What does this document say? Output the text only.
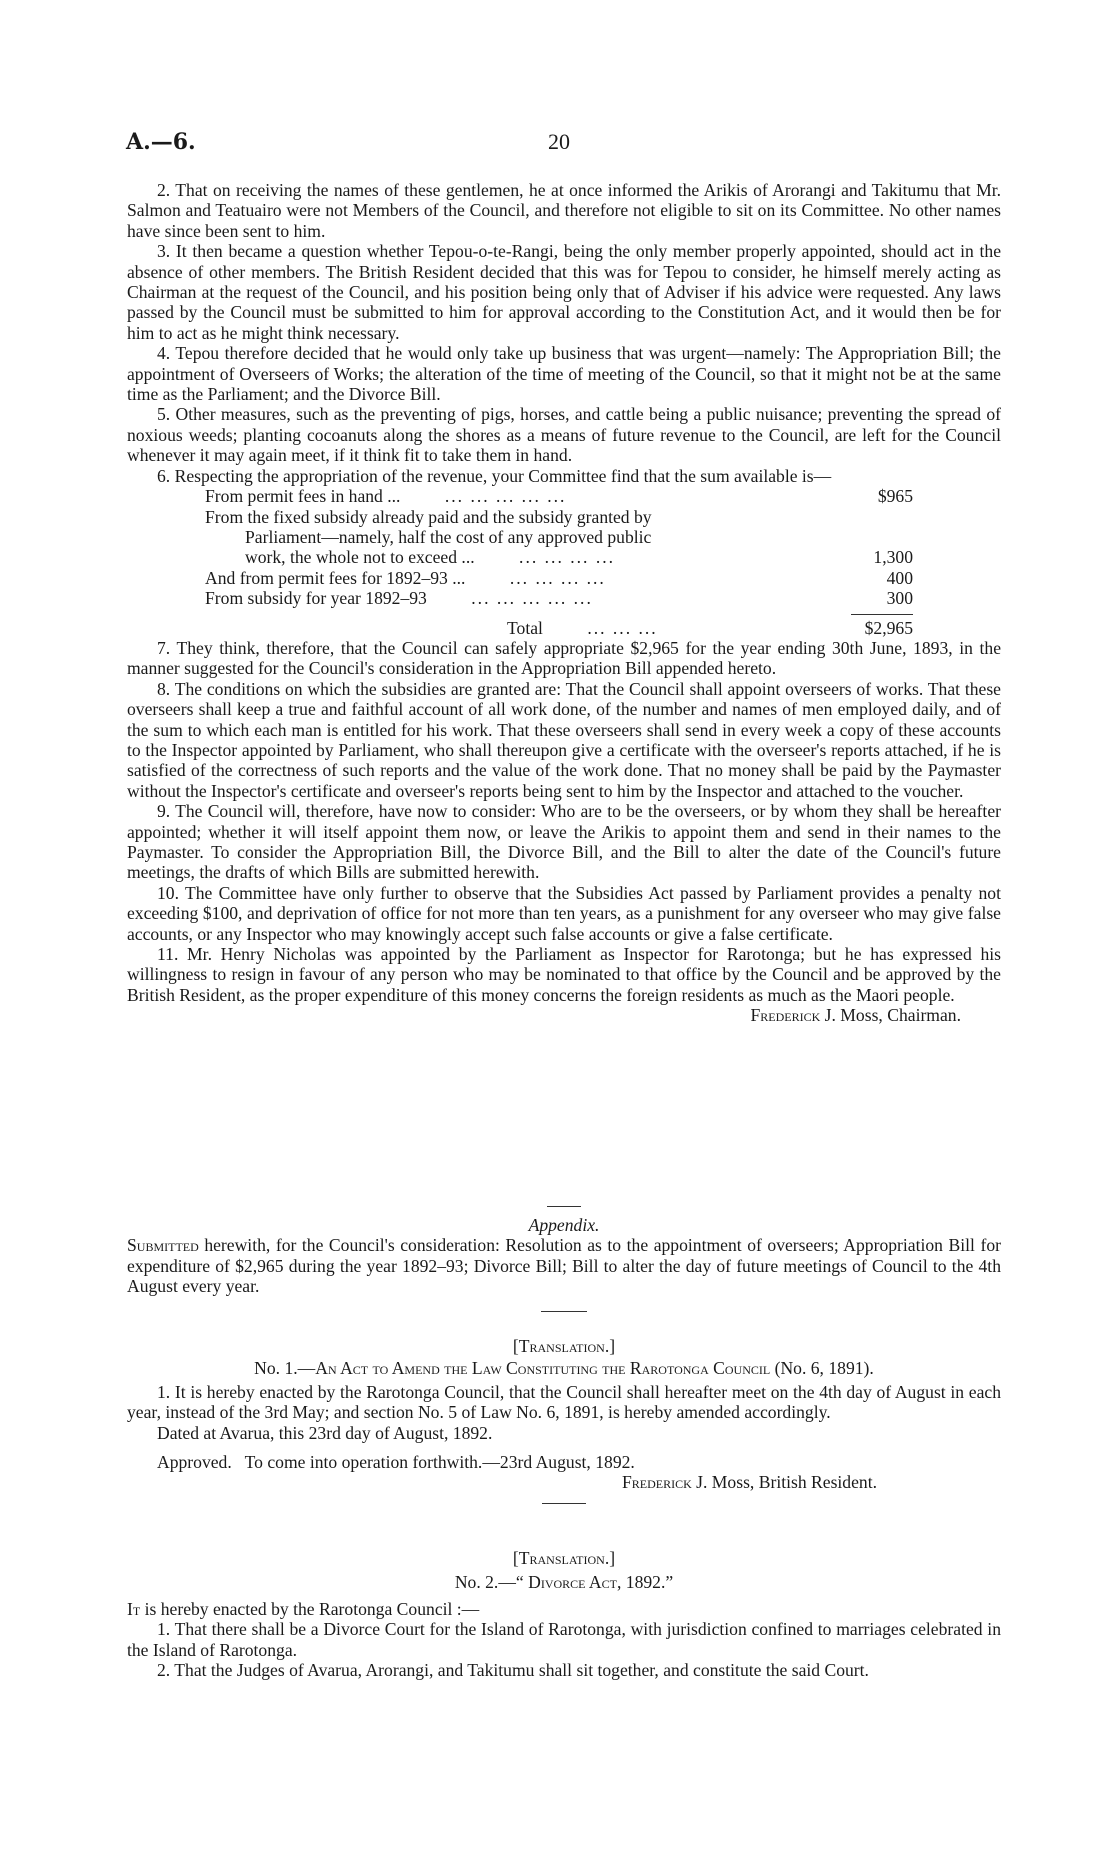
A.—6.	20

2. That on receiving the names of these gentlemen, he at once informed the Arikis of Arorangi and Takitumu that Mr. Salmon and Teatuairo were not Members of the Council, and therefore not eligible to sit on its Committee. No other names have since been sent to him.

3. It then became a question whether Tepou-o-te-Rangi, being the only member properly appointed, should act in the absence of other members. The British Resident decided that this was for Tepou to consider, he himself merely acting as Chairman at the request of the Council, and his position being only that of Adviser if his advice were requested. Any laws passed by the Council must be submitted to him for approval according to the Constitution Act, and it would then be for him to act as he might think necessary.

4. Tepou therefore decided that he would only take up business that was urgent—namely: The Appropriation Bill; the appointment of Overseers of Works; the alteration of the time of meeting of the Council, so that it might not be at the same time as the Parliament; and the Divorce Bill.

5. Other measures, such as the preventing of pigs, horses, and cattle being a public nuisance; preventing the spread of noxious weeds; planting cocoanuts along the shores as a means of future revenue to the Council, are left for the Council whenever it may again meet, if it think fit to take them in hand.

6. Respecting the appropriation of the revenue, your Committee find that the sum available is—

From permit fees in hand ...	... ... ... ... ...	$965
From the fixed subsidy already paid and the subsidy granted by
Parliament—namely, half the cost of any approved public
work, the whole not to exceed ...	... ... ... ...	1,300
And from permit fees for 1892–93 ...	... ... ... ...	400
From subsidy for year 1892–93	... ... ... ... ...	300
Total	... ... ...	$2,965

7. They think, therefore, that the Council can safely appropriate $2,965 for the year ending 30th June, 1893, in the manner suggested for the Council's consideration in the Appropriation Bill appended hereto.

8. The conditions on which the subsidies are granted are: That the Council shall appoint overseers of works. That these overseers shall keep a true and faithful account of all work done, of the number and names of men employed daily, and of the sum to which each man is entitled for his work. That these overseers shall send in every week a copy of these accounts to the Inspector appointed by Parliament, who shall thereupon give a certificate with the overseer's reports attached, if he is satisfied of the correctness of such reports and the value of the work done. That no money shall be paid by the Paymaster without the Inspector's certificate and overseer's reports being sent to him by the Inspector and attached to the voucher.

9. The Council will, therefore, have now to consider: Who are to be the overseers, or by whom they shall be hereafter appointed; whether it will itself appoint them now, or leave the Arikis to appoint them and send in their names to the Paymaster. To consider the Appropriation Bill, the Divorce Bill, and the Bill to alter the date of the Council's future meetings, the drafts of which Bills are submitted herewith.

10. The Committee have only further to observe that the Subsidies Act passed by Parliament provides a penalty not exceeding $100, and deprivation of office for not more than ten years, as a punishment for any overseer who may give false accounts, or any Inspector who may knowingly accept such false accounts or give a false certificate.

11. Mr. Henry Nicholas was appointed by the Parliament as Inspector for Rarotonga; but he has expressed his willingness to resign in favour of any person who may be nominated to that office by the Council and be approved by the British Resident, as the proper expenditure of this money concerns the foreign residents as much as the Maori people.

Frederick J. Moss, Chairman.

Appendix.

Submitted herewith, for the Council's consideration: Resolution as to the appointment of overseers; Appropriation Bill for expenditure of $2,965 during the year 1892–93; Divorce Bill; Bill to alter the day of future meetings of Council to the 4th August every year.

[Translation.]

No. 1.—An Act to Amend the Law Constituting the Rarotonga Council (No. 6, 1891).

1. It is hereby enacted by the Rarotonga Council, that the Council shall hereafter meet on the 4th day of August in each year, instead of the 3rd May; and section No. 5 of Law No. 6, 1891, is hereby amended accordingly.

Dated at Avarua, this 23rd day of August, 1892.

Approved.   To come into operation forthwith.—23rd August, 1892.

Frederick J. Moss, British Resident.

[Translation.]

No. 2.—“ Divorce Act, 1892.”

It is hereby enacted by the Rarotonga Council :—

1. That there shall be a Divorce Court for the Island of Rarotonga, with jurisdiction confined to marriages celebrated in the Island of Rarotonga.

2. That the Judges of Avarua, Arorangi, and Takitumu shall sit together, and constitute the said Court.
